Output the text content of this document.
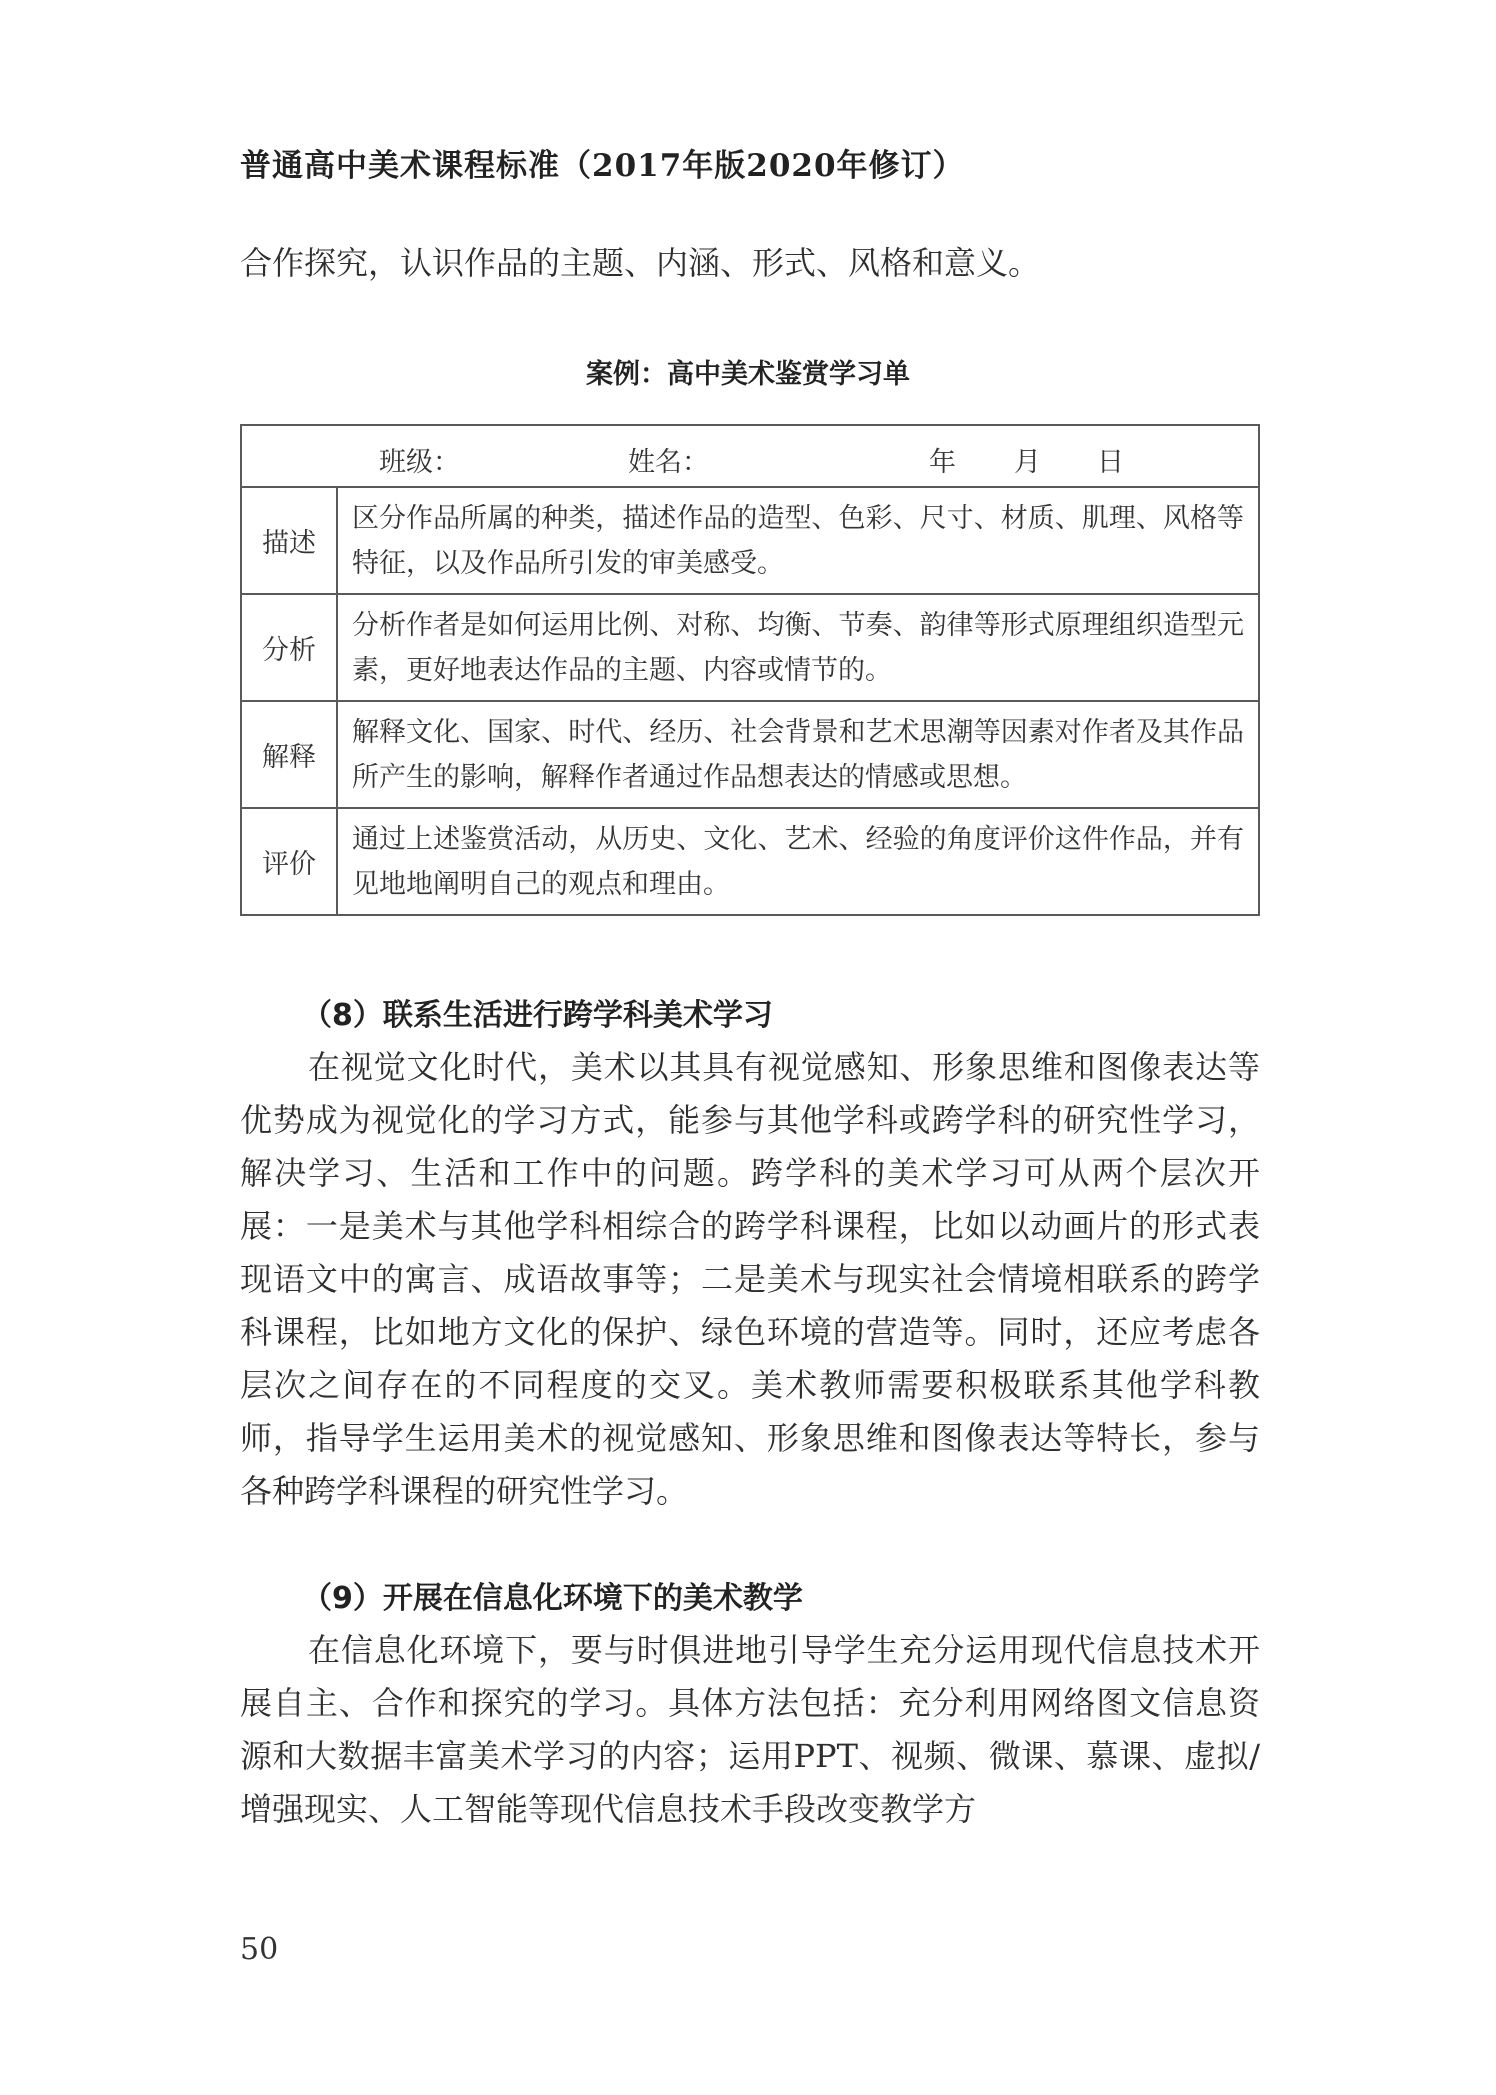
普通高中美术课程标准（2017年版2020年修订）
合作探究，认识作品的主题、内涵、形式、风格和意义。
案例：高中美术鉴赏学习单
班级： 姓名： 年 月 日	

描述	区分作品所属的种类，描述作品的造型、色彩、尺寸、材质、肌理、风格等特征，以及作品所引发的审美感受。
分析	分析作者是如何运用比例、对称、均衡、节奏、韵律等形式原理组织造型元素，更好地表达作品的主题、内容或情节的。
解释	解释文化、国家、时代、经历、社会背景和艺术思潮等因素对作者及其作品所产生的影响，解释作者通过作品想表达的情感或思想。
评价	通过上述鉴赏活动，从历史、文化、艺术、经验的角度评价这件作品，并有见地地阐明自己的观点和理由。
（8）联系生活进行跨学科美术学习
在视觉文化时代，美术以其具有视觉感知、形象思维和图像表达等优势成为视觉化的学习方式，能参与其他学科或跨学科的研究性学习，解决学习、生活和工作中的问题。跨学科的美术学习可从两个层次开展：一是美术与其他学科相综合的跨学科课程，比如以动画片的形式表现语文中的寓言、成语故事等；二是美术与现实社会情境相联系的跨学科课程，比如地方文化的保护、绿色环境的营造等。同时，还应考虑各层次之间存在的不同程度的交叉。美术教师需要积极联系其他学科教师，指导学生运用美术的视觉感知、形象思维和图像表达等特长，参与各种跨学科课程的研究性学习。
（9）开展在信息化环境下的美术教学
在信息化环境下，要与时俱进地引导学生充分运用现代信息技术开展自主、合作和探究的学习。具体方法包括：充分利用网络图文信息资源和大数据丰富美术学习的内容；运用PPT、视频、微课、慕课、虚拟/增强现实、人工智能等现代信息技术手段改变教学方
50
